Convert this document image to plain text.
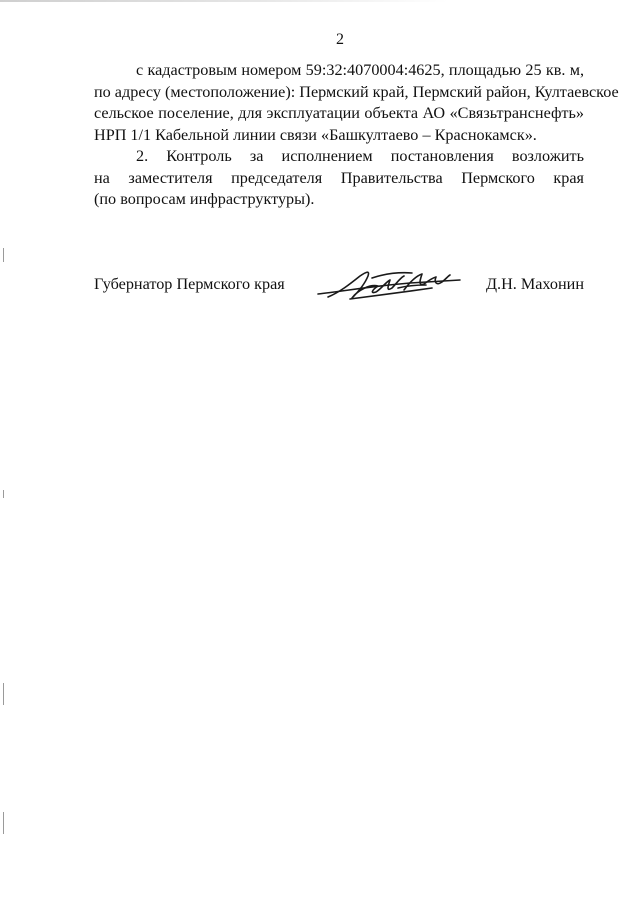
2
с кадастровым номером 59:32:4070004:4625, площадью 25 кв. м,
по адресу (местоположение): Пермский край, Пермский район, Култаевское
сельское поселение, для эксплуатации объекта АО «Связьтранснефть»
НРП 1/1 Кабельной линии связи «Башкултаево – Краснокамск».
2. Контроль за исполнением постановления возложить
на заместителя председателя Правительства Пермского края
(по вопросам инфраструктуры).
Губернатор Пермского края	Д.Н. Махонин
